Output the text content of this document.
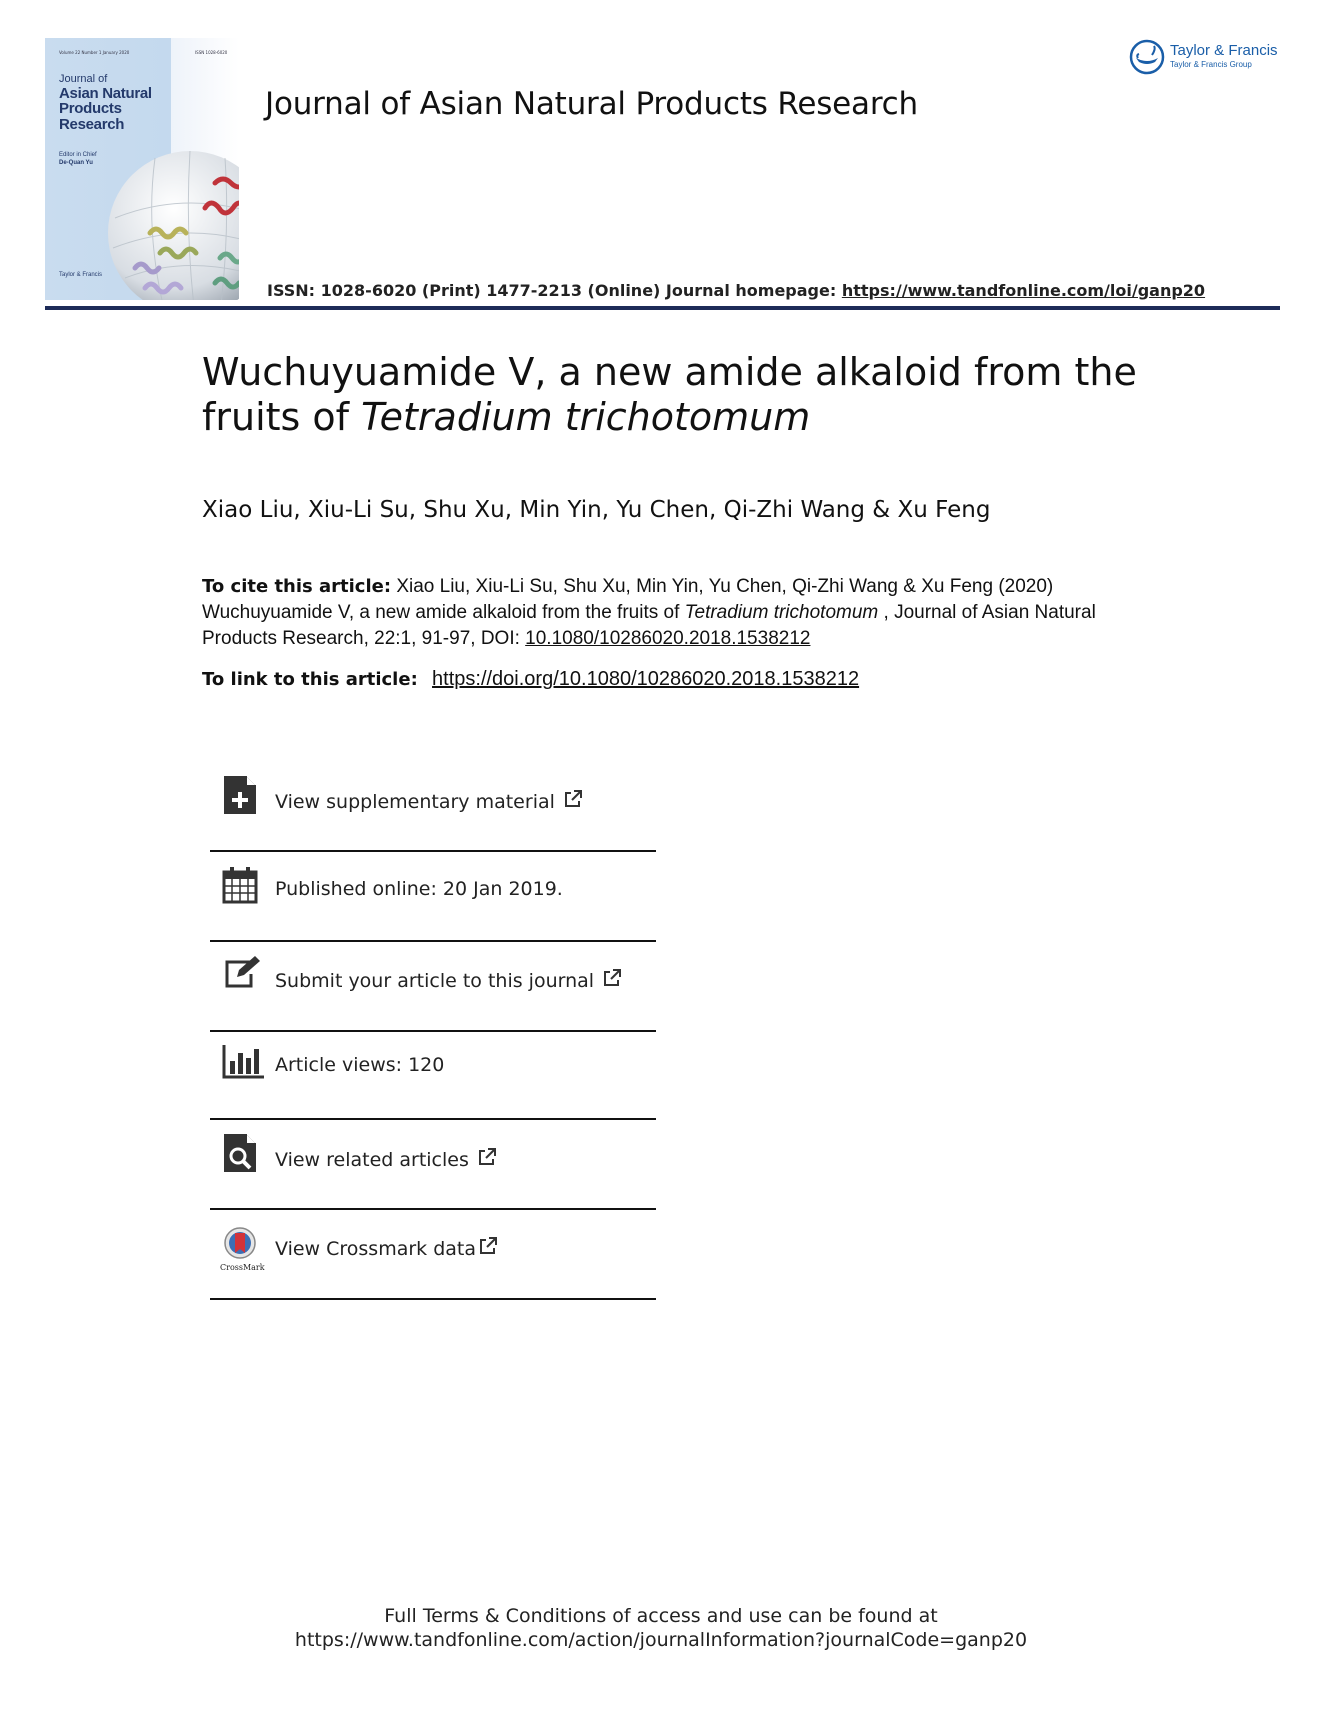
Volume 22 Number 1 January 2020	ISSN 1028-6020
Journal of
Asian Natural Products Research
Editor in Chief
De-Quan Yu
Taylor & Francis
Journal of Asian Natural Products Research
Taylor & Francis
Taylor & Francis Group
ISSN: 1028-6020 (Print) 1477-2213 (Online) Journal homepage: https://www.tandfonline.com/loi/ganp20
Wuchuyuamide V, a new amide alkaloid from the fruits of Tetradium trichotomum
Xiao Liu, Xiu-Li Su, Shu Xu, Min Yin, Yu Chen, Qi-Zhi Wang & Xu Feng
To cite this article: Xiao Liu, Xiu-Li Su, Shu Xu, Min Yin, Yu Chen, Qi-Zhi Wang & Xu Feng (2020) Wuchuyuamide V, a new amide alkaloid from the fruits of Tetradium trichotomum , Journal of Asian Natural Products Research, 22:1, 91-97, DOI: 10.1080/10286020.2018.1538212
To link to this article: https://doi.org/10.1080/10286020.2018.1538212
View supplementary material
Published online: 20 Jan 2019.
Submit your article to this journal
Article views: 120
View related articles
CrossMark
View Crossmark data
Full Terms & Conditions of access and use can be found at
https://www.tandfonline.com/action/journalInformation?journalCode=ganp20
